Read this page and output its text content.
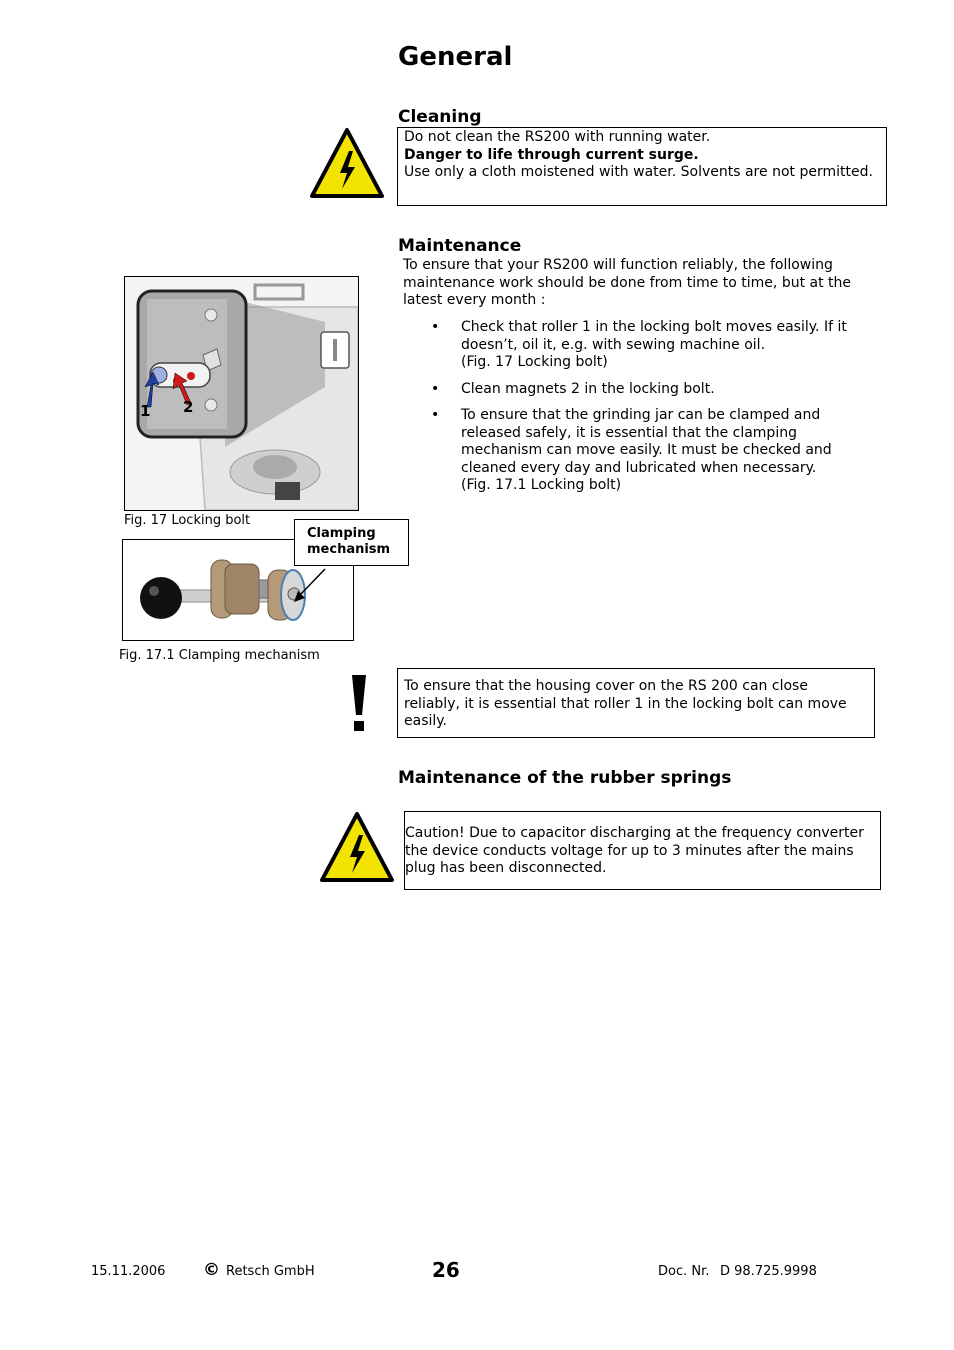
General
Cleaning
Do not clean the RS200 with running water.
Danger to life through current surge.
Use only a cloth moistened with water. Solvents are not permitted.
Maintenance
To ensure that your RS200 will function reliably, the following maintenance work should be done from time to time, but at the latest every month :
• Check that roller 1 in the locking bolt moves easily. If it doesn’t, oil it, e.g. with sewing machine oil.
(Fig. 17 Locking bolt)
• Clean magnets 2 in the locking bolt.
• To ensure that the grinding jar can be clamped and released safely, it is essential that the clamping mechanism can move easily. It must be checked and cleaned every day and lubricated when necessary.
(Fig. 17.1 Locking bolt)
1 2
Fig. 17 Locking bolt
Clamping mechanism
Fig. 17.1 Clamping mechanism
To ensure that the housing cover on the RS 200 can close reliably, it is essential that roller 1 in the locking bolt can move easily.
Maintenance of the rubber springs
Caution! Due to capacitor discharging at the frequency converter the device conducts voltage for up to 3 minutes after the mains plug has been disconnected.
15.11.2006 © Retsch GmbH	26	Doc. Nr. D 98.725.9998
